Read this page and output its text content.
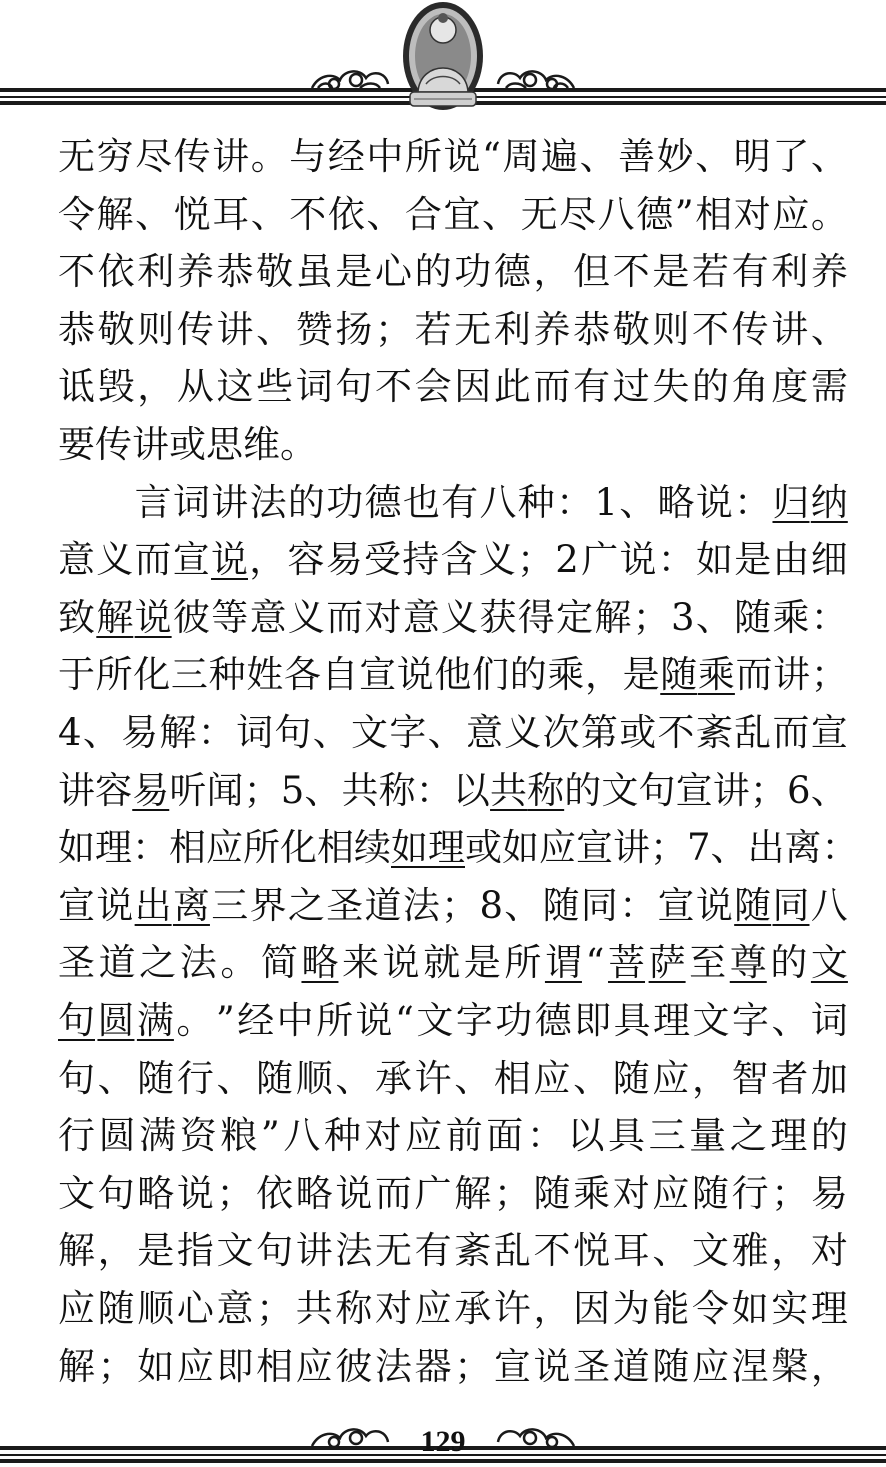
无 穷 尽 传 讲 。 与 经 中 所 说 “ 周 遍 、 善 妙 、 明 了 、
令 解 、 悦 耳 、 不 依 、 合 宜 、 无 尽 八 德 ” 相 对 应 。
不 依 利 养 恭 敬 虽 是 心 的 功 德 ， 但 不 是 若 有 利 养
恭 敬 则 传 讲 、 赞 扬 ； 若 无 利 养 恭 敬 则 不 传 讲 、
诋 毁 ， 从 这 些 词 句 不 会 因 此 而 有 过 失 的 角 度 需
要 传 讲 或 思 维 。

言 词 讲 法 的 功 德 也 有 八 种 ： 1 、 略 说 ： 归 纳
意 义 而 宣 说 ， 容 易 受 持 含 义 ； 2 广 说 ： 如 是 由 细
致 解 说 彼 等 意 义 而 对 意 义 获 得 定 解 ； 3 、 随 乘 ：
于 所 化 三 种 姓 各 自 宣 说 他 们 的 乘 ， 是 随 乘 而 讲 ；
4 、 易 解 ： 词 句 、 文 字 、 意 义 次 第 或 不 紊 乱 而 宣
讲 容 易 听 闻 ； 5 、 共 称 ： 以 共 称 的 文 句 宣 讲 ； 6 、
如 理 ： 相 应 所 化 相 续 如 理 或 如 应 宣 讲 ； 7 、 出 离 ：
宣 说 出 离 三 界 之 圣 道 法 ； 8 、 随 同 ： 宣 说 随 同 八
圣 道 之 法 。 简 略 来 说 就 是 所 谓 “ 菩 萨 至 尊 的 文
句 圆 满 。 ” 经 中 所 说 “ 文 字 功 德 即 具 理 文 字 、 词
句 、 随 行 、 随 顺 、 承 许 、 相 应 、 随 应 ， 智 者 加
行 圆 满 资 粮 ” 八 种 对 应 前 面 ： 以 具 三 量 之 理 的
文 句 略 说 ； 依 略 说 而 广 解 ； 随 乘 对 应 随 行 ； 易
解 ， 是 指 文 句 讲 法 无 有 紊 乱 不 悦 耳 、 文 雅 ， 对
应 随 顺 心 意 ； 共 称 对 应 承 许 ， 因 为 能 令 如 实 理
解 ； 如 应 即 相 应 彼 法 器 ； 宣 说 圣 道 随 应 涅 槃 ，
129
